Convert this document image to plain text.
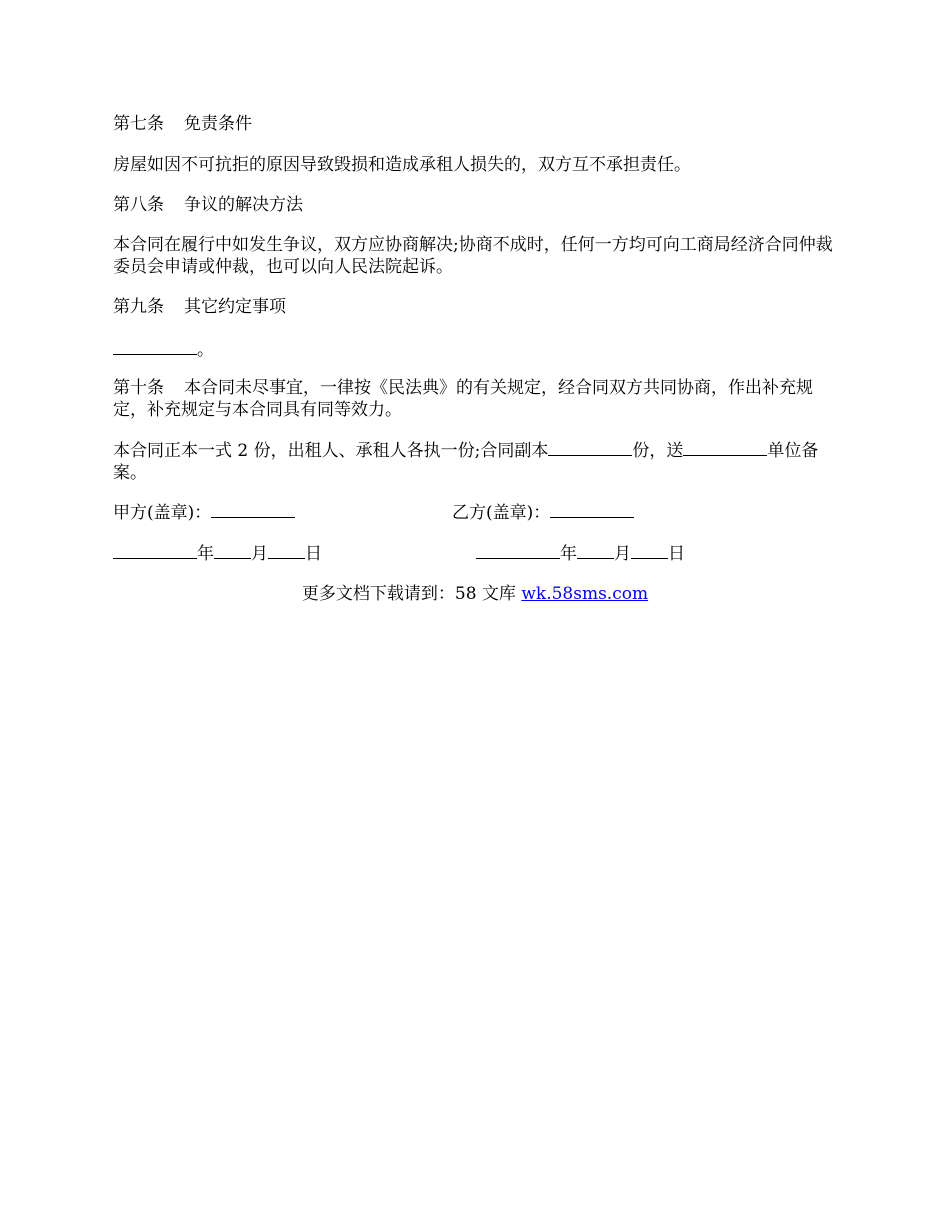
第七条 免责条件

房屋如因不可抗拒的原因导致毁损和造成承租人损失的，双方互不承担责任。

第八条 争议的解决方法

本合同在履行中如发生争议，双方应协商解决;协商不成时，任何一方均可向工商局经济合同仲裁委员会申请或仲裁，也可以向人民法院起诉。

第九条 其它约定事项

。

第十条 本合同未尽事宜，一律按《民法典》的有关规定，经合同双方共同协商，作出补充规定，补充规定与本合同具有同等效力。

本合同正本一式 2 份，出租人、承租人各执一份;合同副本	份，送	单位备案。

甲方(盖章)：	乙方(盖章)：
年 月 日	年 月 日
更多文档下载请到：58 文库 wk.58sms.com
